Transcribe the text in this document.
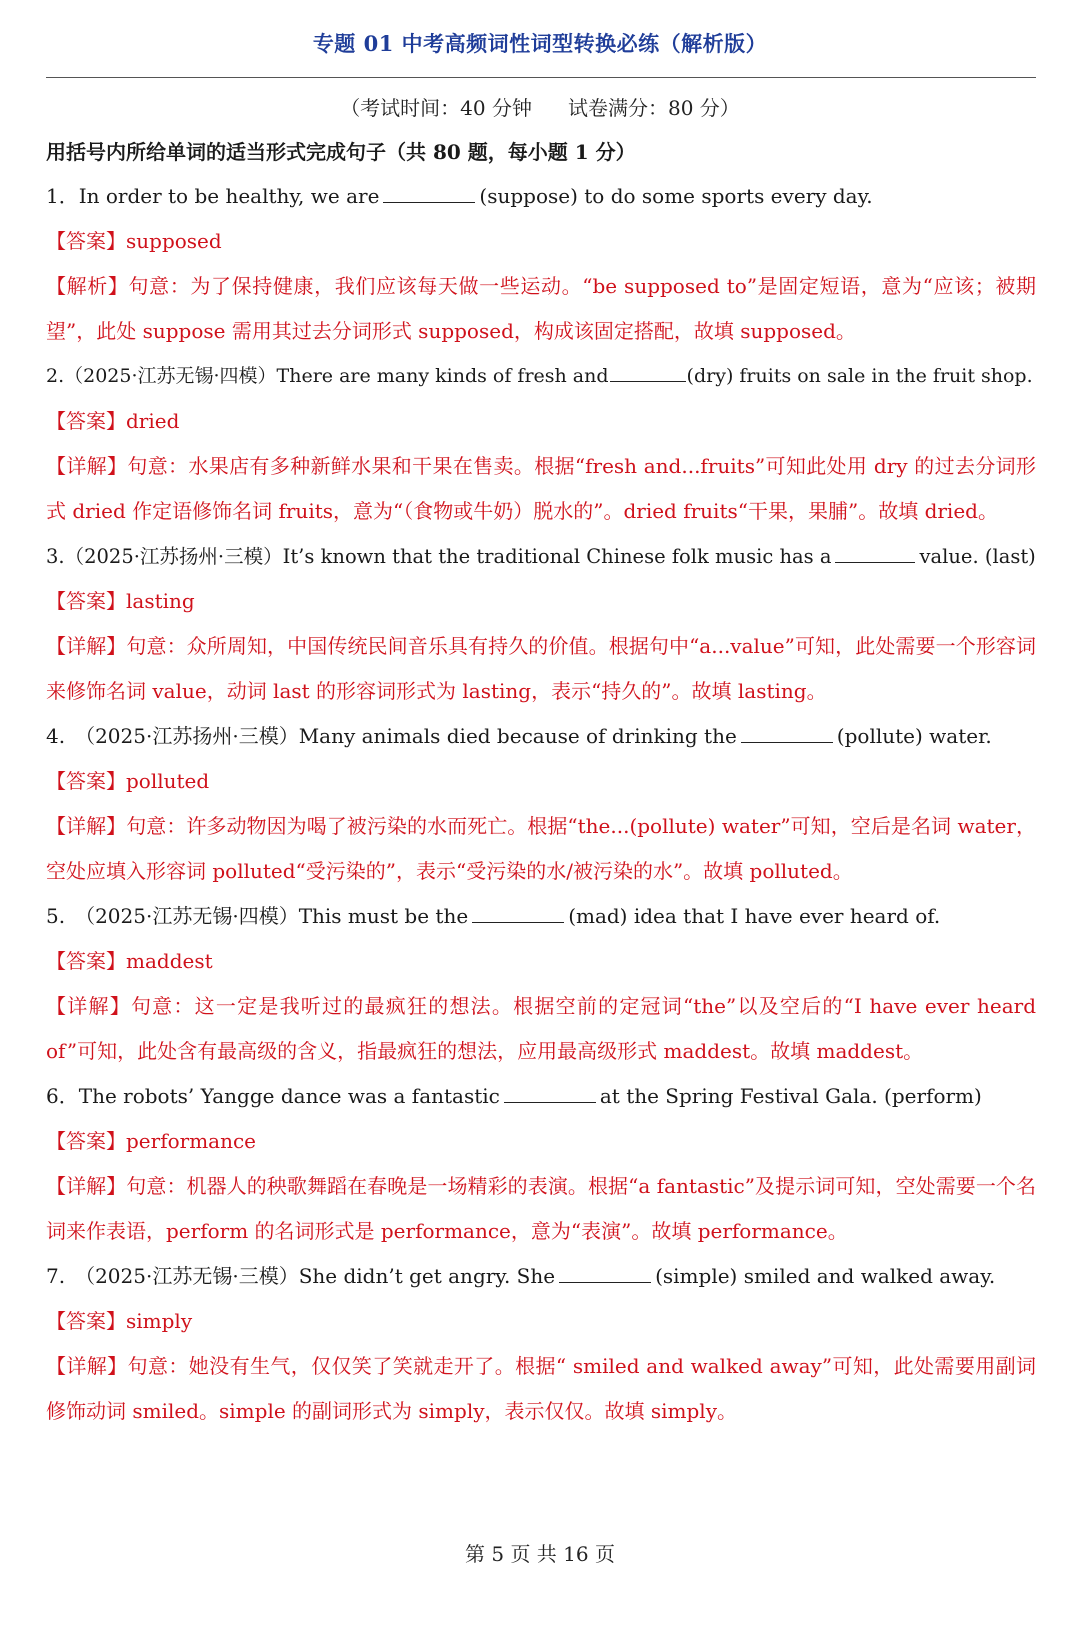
专题 01 中考高频词性词型转换必练（解析版）
（考试时间：40 分钟 试卷满分：80 分）
用括号内所给单词的适当形式完成句子（共 80 题，每小题 1 分）
1．In order to be healthy, we are	(suppose) to do some sports every day.
【答案】supposed
【解析】句意：为了保持健康，我们应该每天做一些运动。“be supposed to”是固定短语，意为“应该；被期望”，此处 suppose 需用其过去分词形式 supposed，构成该固定搭配，故填 supposed。
2.（2025·江苏无锡·四模）There are many kinds of fresh and	(dry) fruits on sale in the fruit shop.
【答案】dried
【详解】句意：水果店有多种新鲜水果和干果在售卖。根据“fresh and...fruits”可知此处用 dry 的过去分词形式 dried 作定语修饰名词 fruits，意为“（食物或牛奶）脱水的”。dried fruits“干果，果脯”。故填 dried。
3.（2025·江苏扬州·三模）It’s known that the traditional Chinese folk music has a	value. (last)
【答案】lasting
【详解】句意：众所周知，中国传统民间音乐具有持久的价值。根据句中“a...value”可知，此处需要一个形容词来修饰名词 value，动词 last 的形容词形式为 lasting，表示“持久的”。故填 lasting。
4.　（2025·江苏扬州·三模）Many animals died because of drinking the	(pollute) water.
【答案】polluted
【详解】句意：许多动物因为喝了被污染的水而死亡。根据“the...(pollute) water”可知，空后是名词 water，空处应填入形容词 polluted“受污染的”，表示“受污染的水/被污染的水”。故填 polluted。
5.　（2025·江苏无锡·四模）This must be the	(mad) idea that I have ever heard of.
【答案】maddest
【详解】句意：这一定是我听过的最疯狂的想法。根据空前的定冠词“the”以及空后的“I have ever heard of”可知，此处含有最高级的含义，指最疯狂的想法，应用最高级形式 maddest。故填 maddest。
6．The robots’ Yangge dance was a fantastic	at the Spring Festival Gala. (perform)
【答案】performance
【详解】句意：机器人的秧歌舞蹈在春晚是一场精彩的表演。根据“a fantastic”及提示词可知，空处需要一个名词来作表语，perform 的名词形式是 performance，意为“表演”。故填 performance。
7.　（2025·江苏无锡·三模）She didn’t get angry. She	(simple) smiled and walked away.
【答案】simply
【详解】句意：她没有生气，仅仅笑了笑就走开了。根据“ smiled and walked away”可知，此处需要用副词修饰动词 smiled。simple 的副词形式为 simply，表示仅仅。故填 simply。
第 5 页 共 16 页
